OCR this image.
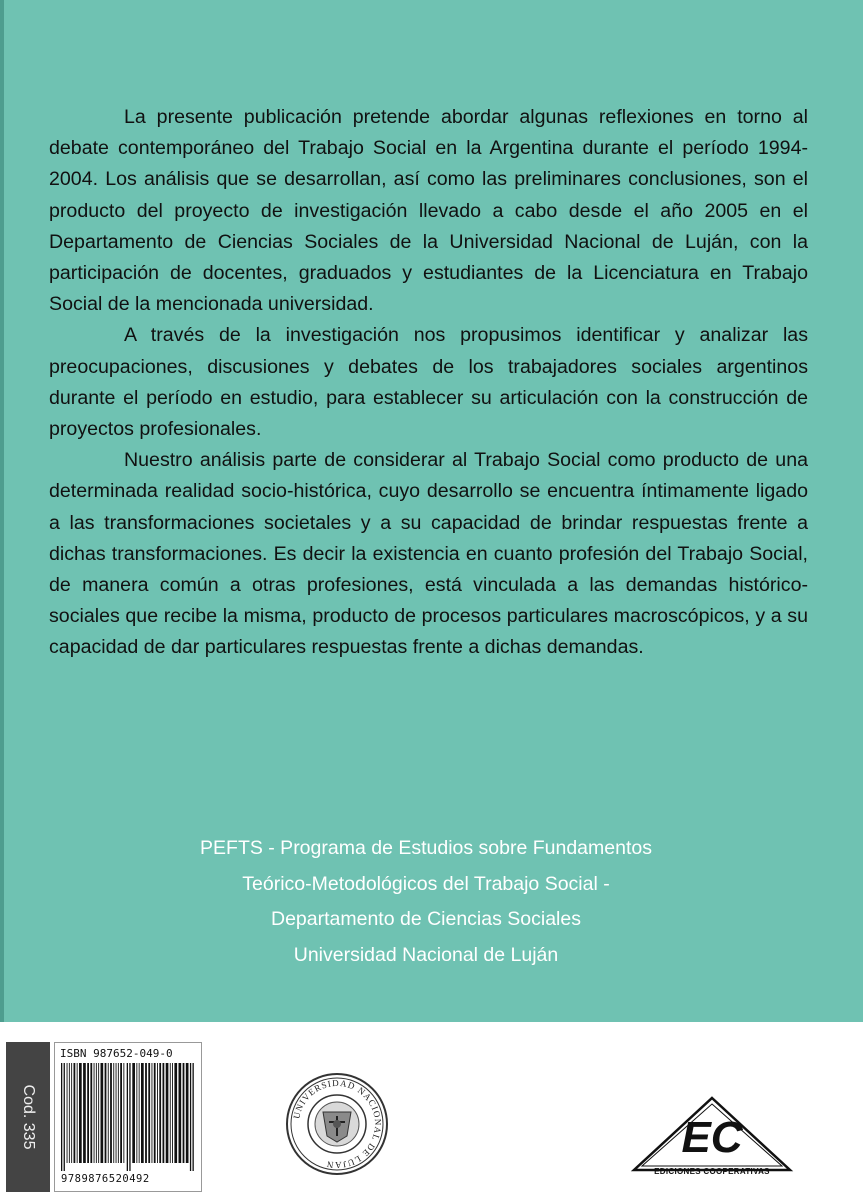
La presente publicación pretende abordar algunas reflexiones en torno al debate contemporáneo del Trabajo Social en la Argentina durante el período 1994-2004. Los análisis que se desarrollan, así como las preliminares conclusiones, son el producto del proyecto de investigación llevado a cabo desde el año 2005 en el Departamento de Ciencias Sociales de la Universidad Nacional de Luján, con la participación de docentes, graduados y estudiantes de la Licenciatura en Trabajo Social de la mencionada universidad.

A través de la investigación nos propusimos identificar y analizar las preocupaciones, discusiones y debates de los trabajadores sociales argentinos durante el período en estudio, para establecer su articulación con la construcción de proyectos profesionales.

Nuestro análisis parte de considerar al Trabajo Social como producto de una determinada realidad socio-histórica, cuyo desarrollo se encuentra íntimamente ligado a las transformaciones societales y a su capacidad de brindar respuestas frente a dichas transformaciones. Es decir la existencia en cuanto profesión del Trabajo Social, de manera común a otras profesiones, está vinculada a las demandas histórico-sociales que recibe la misma, producto de procesos particulares macroscópicos, y a su capacidad de dar particulares respuestas frente a dichas demandas.

PEFTS - Programa de Estudios sobre Fundamentos
Teórico-Metodológicos del Trabajo Social -
Departamento de Ciencias Sociales
Universidad Nacional de Luján
Cod. 335
ISBN 987652-049-0
9789876520492
UNIVERSIDAD NACIONAL DE LUJAN
EC
EDICIONES COOPERATIVAS
